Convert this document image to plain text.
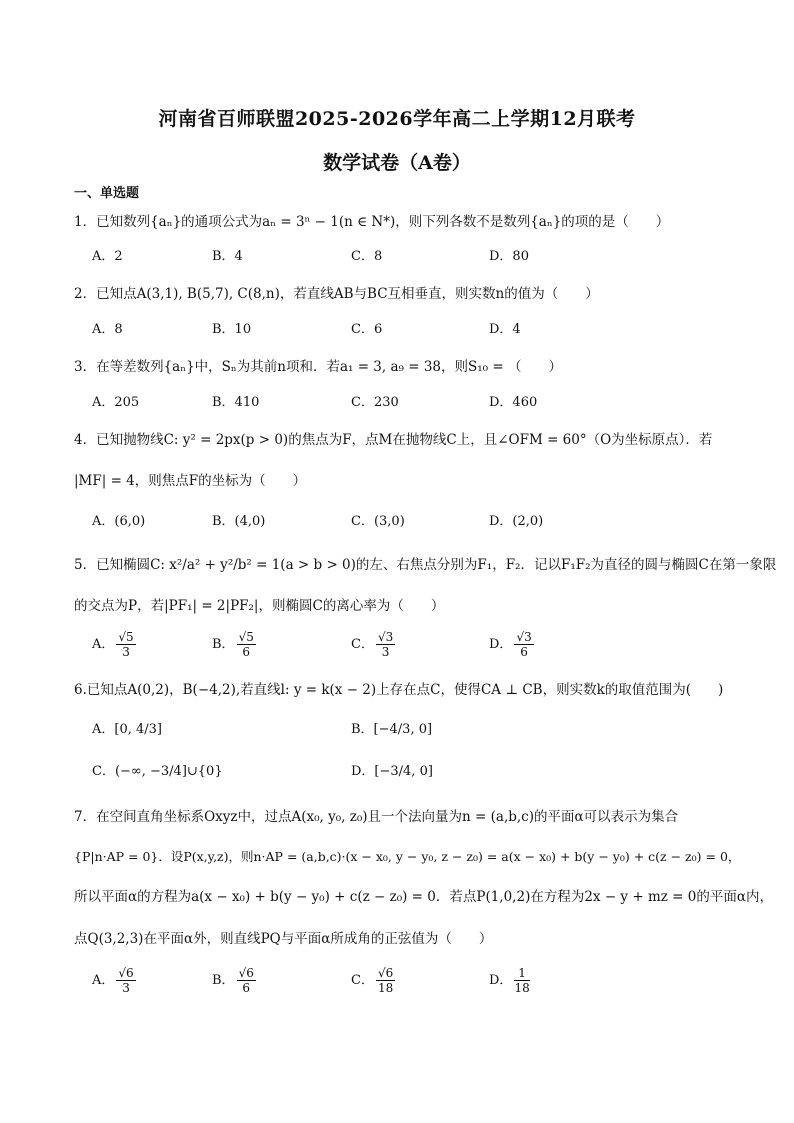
河南省百师联盟2025-2026学年高二上学期12月联考
数学试卷（A卷）
一、单选题
1．已知数列{aₙ}的通项公式为aₙ = 3ⁿ − 1(n ∈ N*)，则下列各数不是数列{aₙ}的项的是（　　）
A．2	B．4	C．8	D．80
2．已知点A(3,1), B(5,7), C(8,n)，若直线AB与BC互相垂直，则实数n的值为（　　）
A．8	B．10	C．6	D．4
3．在等差数列{aₙ}中，Sₙ为其前n项和．若a₁ = 3, a₉ = 38，则S₁₀ = （　　）
A．205	B．410	C．230	D．460
4．已知抛物线C: y² = 2px(p > 0)的焦点为F，点M在抛物线C上，且∠OFM = 60°（O为坐标原点）．若
|MF| = 4，则焦点F的坐标为（　　）
A．(6,0)	B．(4,0)	C．(3,0)	D．(2,0)
5．已知椭圆C: x²/a² + y²/b² = 1(a > b > 0)的左、右焦点分别为F₁，F₂．记以F₁F₂为直径的圆与椭圆C在第一象限
的交点为P，若|PF₁| = 2|PF₂|，则椭圆C的离心率为（　　）
A． $\frac{√5}{3}$	B． $\frac{√5}{6}$	C． $\frac{√3}{3}$	D． $\frac{√3}{6}$
6.已知点A(0,2)，B(−4,2),若直线l: y = k(x − 2)上存在点C，使得CA ⊥ CB，则实数k的取值范围为(　　)
A．[0, 4/3]	B．[−4/3, 0]
C．(−∞, −3/4]∪{0}	D．[−3/4, 0]
7．在空间直角坐标系Oxyz中，过点A(x₀, y₀, z₀)且一个法向量为n = (a,b,c)的平面α可以表示为集合
{P|n·AP = 0}．设P(x,y,z)，则n·AP = (a,b,c)·(x − x₀, y − y₀, z − z₀) = a(x − x₀) + b(y − y₀) + c(z − z₀) = 0，
所以平面α的方程为a(x − x₀) + b(y − y₀) + c(z − z₀) = 0．若点P(1,0,2)在方程为2x − y + mz = 0的平面α内，
点Q(3,2,3)在平面α外，则直线PQ与平面α所成角的正弦值为（　　）
A． $\frac{√6}{3}$	B． $\frac{√6}{6}$	C． $\frac{√6}{18}$	D． $\frac{1}{18}$
